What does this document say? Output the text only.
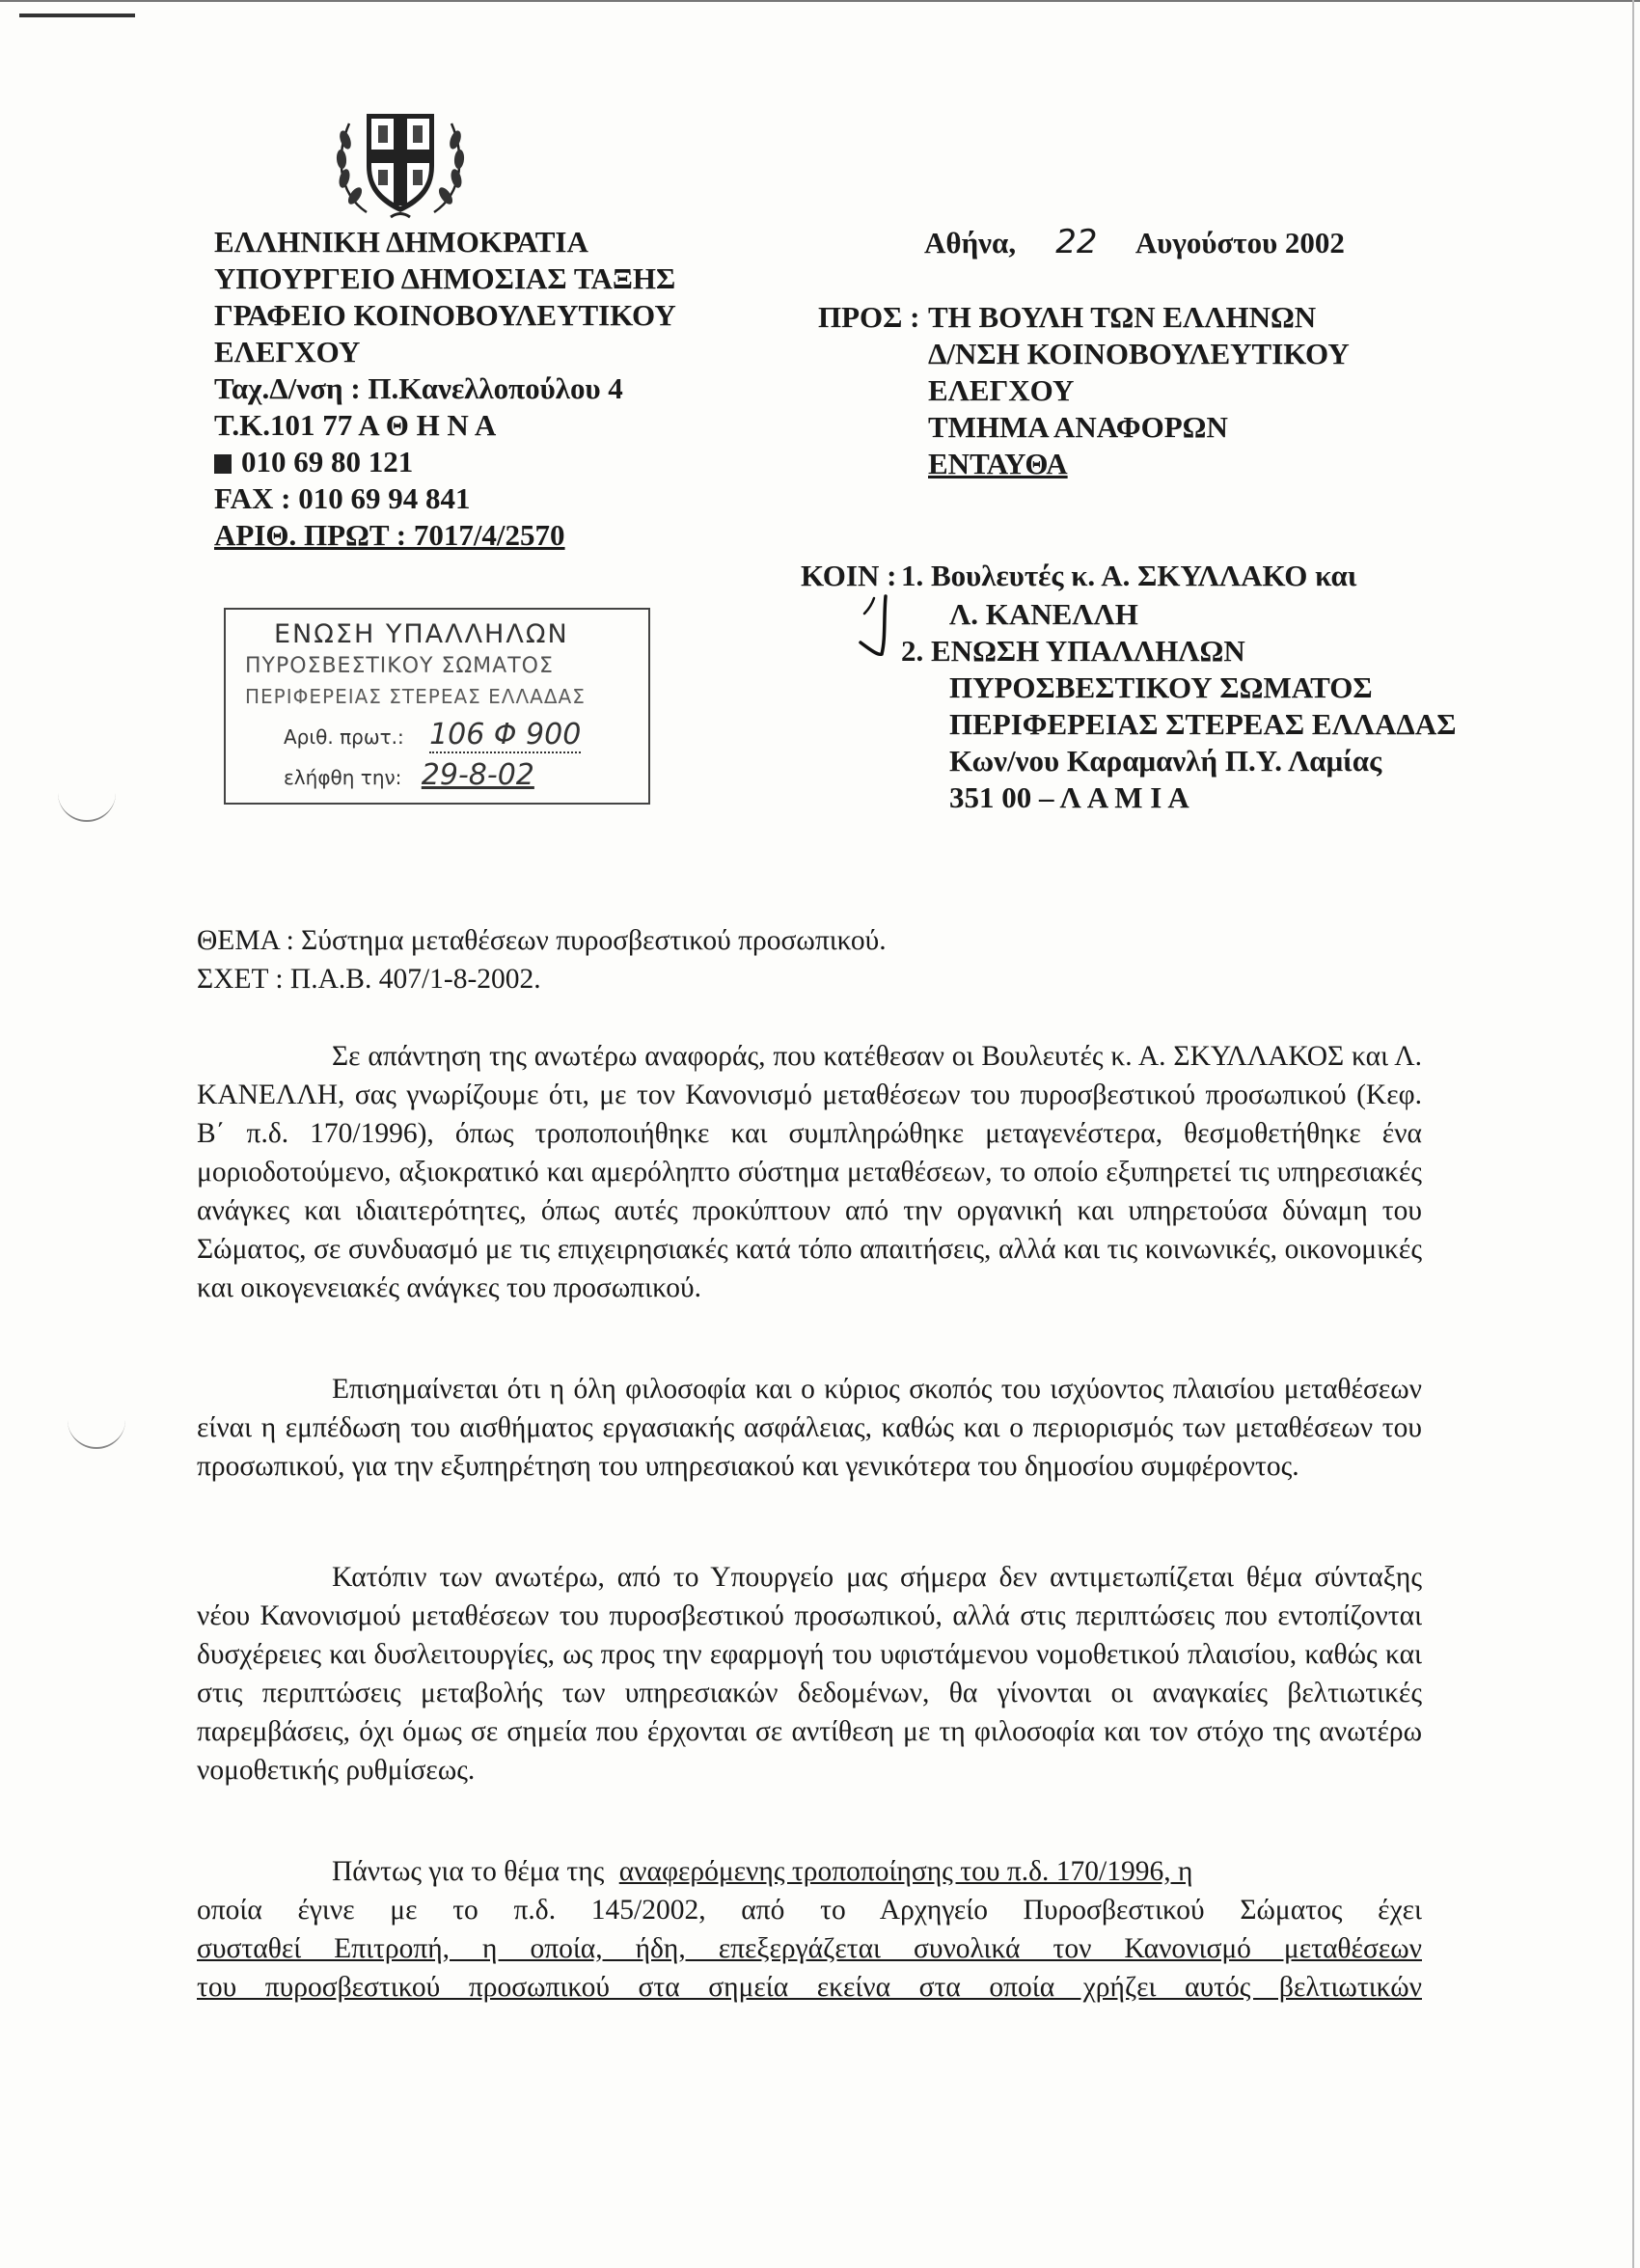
ΕΛΛΗΝΙΚΗ ΔΗΜΟΚΡΑΤΙΑ
ΥΠΟΥΡΓΕΙΟ ΔΗΜΟΣΙΑΣ ΤΑΞΗΣ
ΓΡΑΦΕΙΟ ΚΟΙΝΟΒΟΥΛΕΥΤΙΚΟΥ
ΕΛΕΓΧΟΥ
Ταχ.Δ/νση : Π.Κανελλοπούλου 4
Τ.Κ.101 77 Α Θ Η Ν Α
010 69 80 121
FAX : 010 69 94 841
ΑΡΙΘ. ΠΡΩΤ : 7017/4/2570
Αθήνα, 22 Αυγούστου 2002
ΠΡΟΣ : ΤΗ ΒΟΥΛΗ ΤΩΝ ΕΛΛΗΝΩΝ
Δ/ΝΣΗ ΚΟΙΝΟΒΟΥΛΕΥΤΙΚΟΥ
ΕΛΕΓΧΟΥ
ΤΜΗΜΑ ΑΝΑΦΟΡΩΝ
ΕΝΤΑΥΘΑ
ΚΟΙΝ : 1. Βουλευτές κ. Α. ΣΚΥΛΛΑΚΟ και
Λ. ΚΑΝΕΛΛΗ
2. ΕΝΩΣΗ ΥΠΑΛΛΗΛΩΝ
ΠΥΡΟΣΒΕΣΤΙΚΟΥ ΣΩΜΑΤΟΣ
ΠΕΡΙΦΕΡΕΙΑΣ ΣΤΕΡΕΑΣ ΕΛΛΑΔΑΣ
Κων/νου Καραμανλή Π.Υ. Λαμίας
351 00 – Λ Α Μ Ι Α
ΕΝΩΣΗ ΥΠΑΛΛΗΛΩΝ
ΠΥΡΟΣΒΕΣΤΙΚΟΥ ΣΩΜΑΤΟΣ
ΠΕΡΙΦΕΡΕΙΑΣ ΣΤΕΡΕΑΣ ΕΛΛΑΔΑΣ
Αριθ. πρωτ.: 106 Φ 900
ελήφθη την: 29-8-02
ΘΕΜΑ : Σύστημα μεταθέσεων πυροσβεστικού προσωπικού.
ΣΧΕΤ : Π.Α.Β. 407/1-8-2002.
Σε απάντηση της ανωτέρω αναφοράς, που κατέθεσαν οι Βουλευτές κ. Α. ΣΚΥΛΛΑΚΟΣ και Λ. ΚΑΝΕΛΛΗ, σας γνωρίζουμε ότι, με τον Κανονισμό μεταθέσεων του πυροσβεστικού προσωπικού (Κεφ. Β΄ π.δ. 170/1996), όπως τροποποιήθηκε και συμπληρώθηκε μεταγενέστερα, θεσμοθετήθηκε ένα μοριοδοτούμενο, αξιοκρατικό και αμερόληπτο σύστημα μεταθέσεων, το οποίο εξυπηρετεί τις υπηρεσιακές ανάγκες και ιδιαιτερότητες, όπως αυτές προκύπτουν από την οργανική και υπηρετούσα δύναμη του Σώματος, σε συνδυασμό με τις επιχειρησιακές κατά τόπο απαιτήσεις, αλλά και τις κοινωνικές, οικονομικές και οικογενειακές ανάγκες του προσωπικού.
Επισημαίνεται ότι η όλη φιλοσοφία και ο κύριος σκοπός του ισχύοντος πλαισίου μεταθέσεων είναι η εμπέδωση του αισθήματος εργασιακής ασφάλειας, καθώς και ο περιορισμός των μεταθέσεων του προσωπικού, για την εξυπηρέτηση του υπηρεσιακού και γενικότερα του δημοσίου συμφέροντος.
Κατόπιν των ανωτέρω, από το Υπουργείο μας σήμερα δεν αντιμετωπίζεται θέμα σύνταξης νέου Κανονισμού μεταθέσεων του πυροσβεστικού προσωπικού, αλλά στις περιπτώσεις που εντοπίζονται δυσχέρειες και δυσλειτουργίες, ως προς την εφαρμογή του υφιστάμενου νομοθετικού πλαισίου, καθώς και στις περιπτώσεις μεταβολής των υπηρεσιακών δεδομένων, θα γίνονται οι αναγκαίες βελτιωτικές παρεμβάσεις, όχι όμως σε σημεία που έρχονται σε αντίθεση με τη φιλοσοφία και τον στόχο της ανωτέρω νομοθετικής ρυθμίσεως.
Πάντως για το θέμα της αναφερόμενης τροποποίησης του π.δ. 170/1996, η
οποία έγινε με το π.δ. 145/2002, από το Αρχηγείο Πυροσβεστικού Σώματος έχει
συσταθεί Επιτροπή, η οποία, ήδη, επεξεργάζεται συνολικά τον Κανονισμό μεταθέσεων
του πυροσβεστικού προσωπικού στα σημεία εκείνα στα οποία χρήζει αυτός βελτιωτικών
